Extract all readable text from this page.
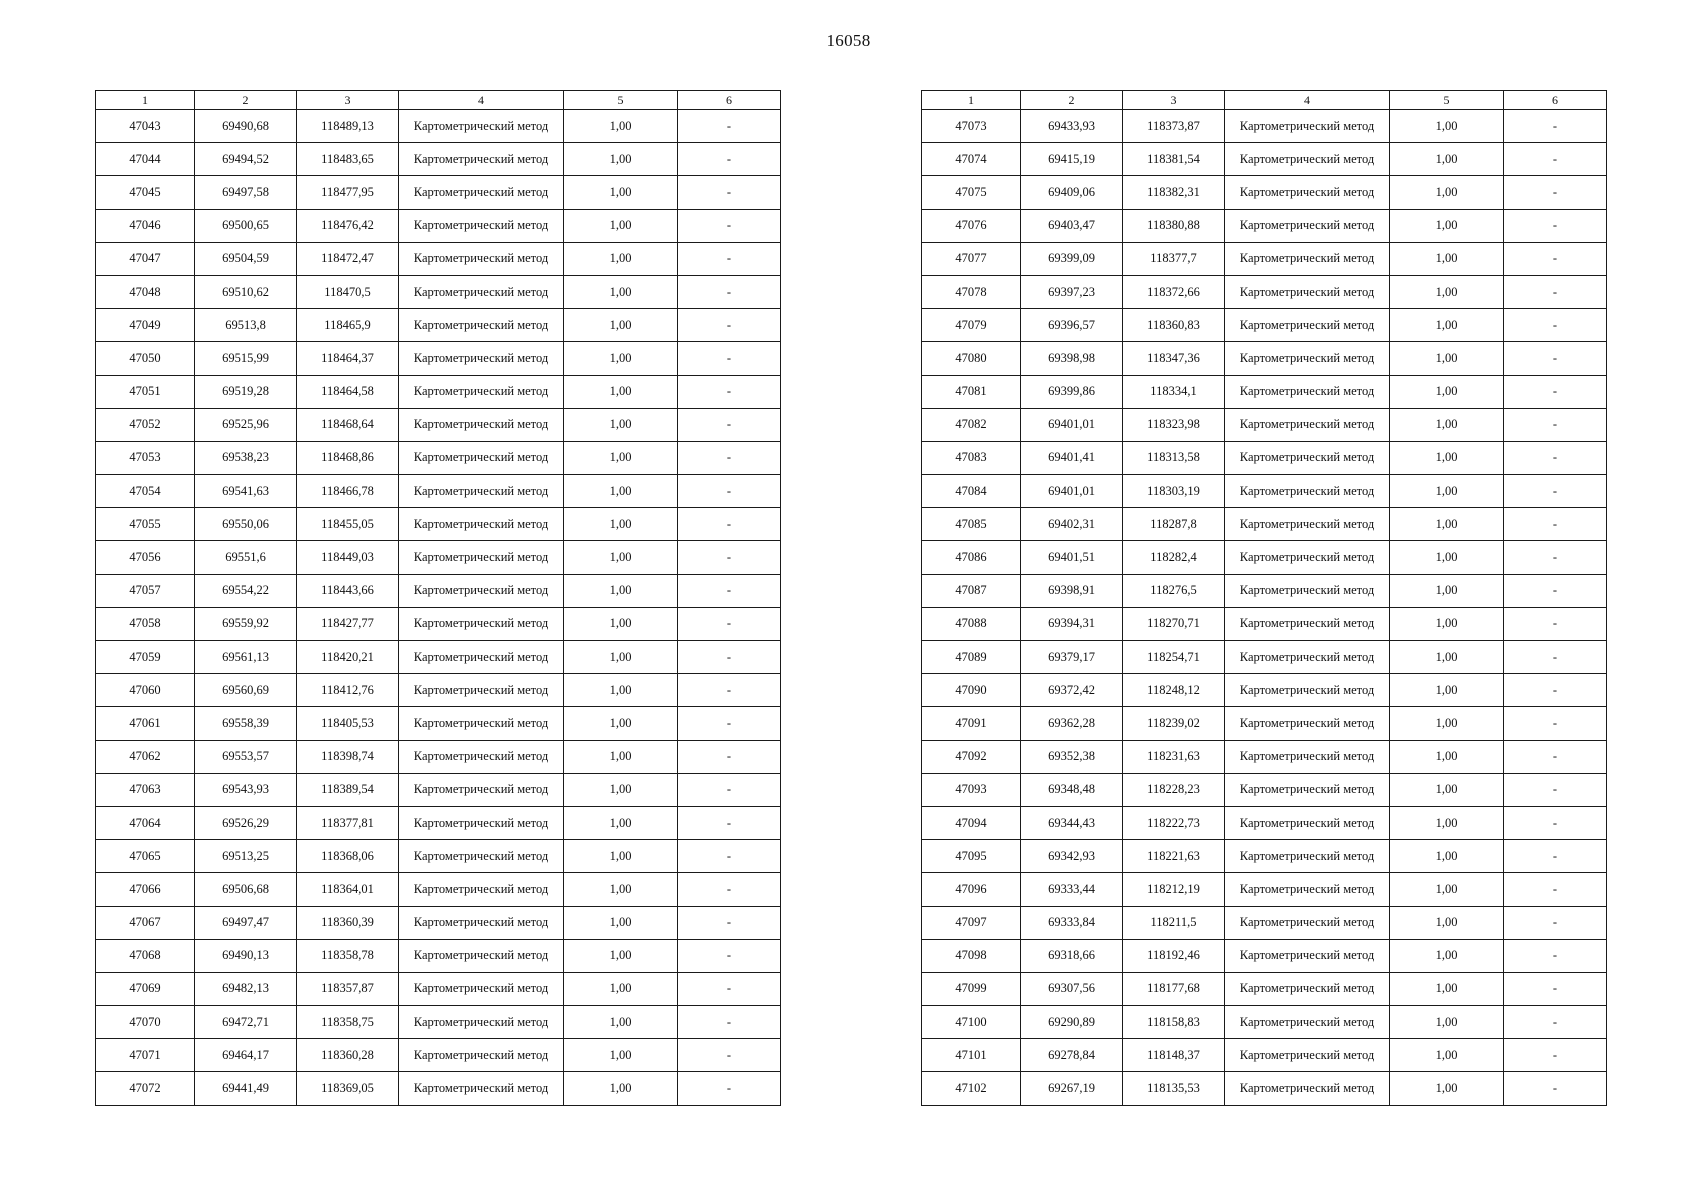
16058
1	2	3	4	5	6
47043	69490,68	118489,13	Картометрический метод	1,00	-
47044	69494,52	118483,65	Картометрический метод	1,00	-
47045	69497,58	118477,95	Картометрический метод	1,00	-
47046	69500,65	118476,42	Картометрический метод	1,00	-
47047	69504,59	118472,47	Картометрический метод	1,00	-
47048	69510,62	118470,5	Картометрический метод	1,00	-
47049	69513,8	118465,9	Картометрический метод	1,00	-
47050	69515,99	118464,37	Картометрический метод	1,00	-
47051	69519,28	118464,58	Картометрический метод	1,00	-
47052	69525,96	118468,64	Картометрический метод	1,00	-
47053	69538,23	118468,86	Картометрический метод	1,00	-
47054	69541,63	118466,78	Картометрический метод	1,00	-
47055	69550,06	118455,05	Картометрический метод	1,00	-
47056	69551,6	118449,03	Картометрический метод	1,00	-
47057	69554,22	118443,66	Картометрический метод	1,00	-
47058	69559,92	118427,77	Картометрический метод	1,00	-
47059	69561,13	118420,21	Картометрический метод	1,00	-
47060	69560,69	118412,76	Картометрический метод	1,00	-
47061	69558,39	118405,53	Картометрический метод	1,00	-
47062	69553,57	118398,74	Картометрический метод	1,00	-
47063	69543,93	118389,54	Картометрический метод	1,00	-
47064	69526,29	118377,81	Картометрический метод	1,00	-
47065	69513,25	118368,06	Картометрический метод	1,00	-
47066	69506,68	118364,01	Картометрический метод	1,00	-
47067	69497,47	118360,39	Картометрический метод	1,00	-
47068	69490,13	118358,78	Картометрический метод	1,00	-
47069	69482,13	118357,87	Картометрический метод	1,00	-
47070	69472,71	118358,75	Картометрический метод	1,00	-
47071	69464,17	118360,28	Картометрический метод	1,00	-
47072	69441,49	118369,05	Картометрический метод	1,00	-
1	2	3	4	5	6
47073	69433,93	118373,87	Картометрический метод	1,00	-
47074	69415,19	118381,54	Картометрический метод	1,00	-
47075	69409,06	118382,31	Картометрический метод	1,00	-
47076	69403,47	118380,88	Картометрический метод	1,00	-
47077	69399,09	118377,7	Картометрический метод	1,00	-
47078	69397,23	118372,66	Картометрический метод	1,00	-
47079	69396,57	118360,83	Картометрический метод	1,00	-
47080	69398,98	118347,36	Картометрический метод	1,00	-
47081	69399,86	118334,1	Картометрический метод	1,00	-
47082	69401,01	118323,98	Картометрический метод	1,00	-
47083	69401,41	118313,58	Картометрический метод	1,00	-
47084	69401,01	118303,19	Картометрический метод	1,00	-
47085	69402,31	118287,8	Картометрический метод	1,00	-
47086	69401,51	118282,4	Картометрический метод	1,00	-
47087	69398,91	118276,5	Картометрический метод	1,00	-
47088	69394,31	118270,71	Картометрический метод	1,00	-
47089	69379,17	118254,71	Картометрический метод	1,00	-
47090	69372,42	118248,12	Картометрический метод	1,00	-
47091	69362,28	118239,02	Картометрический метод	1,00	-
47092	69352,38	118231,63	Картометрический метод	1,00	-
47093	69348,48	118228,23	Картометрический метод	1,00	-
47094	69344,43	118222,73	Картометрический метод	1,00	-
47095	69342,93	118221,63	Картометрический метод	1,00	-
47096	69333,44	118212,19	Картометрический метод	1,00	-
47097	69333,84	118211,5	Картометрический метод	1,00	-
47098	69318,66	118192,46	Картометрический метод	1,00	-
47099	69307,56	118177,68	Картометрический метод	1,00	-
47100	69290,89	118158,83	Картометрический метод	1,00	-
47101	69278,84	118148,37	Картометрический метод	1,00	-
47102	69267,19	118135,53	Картометрический метод	1,00	-
